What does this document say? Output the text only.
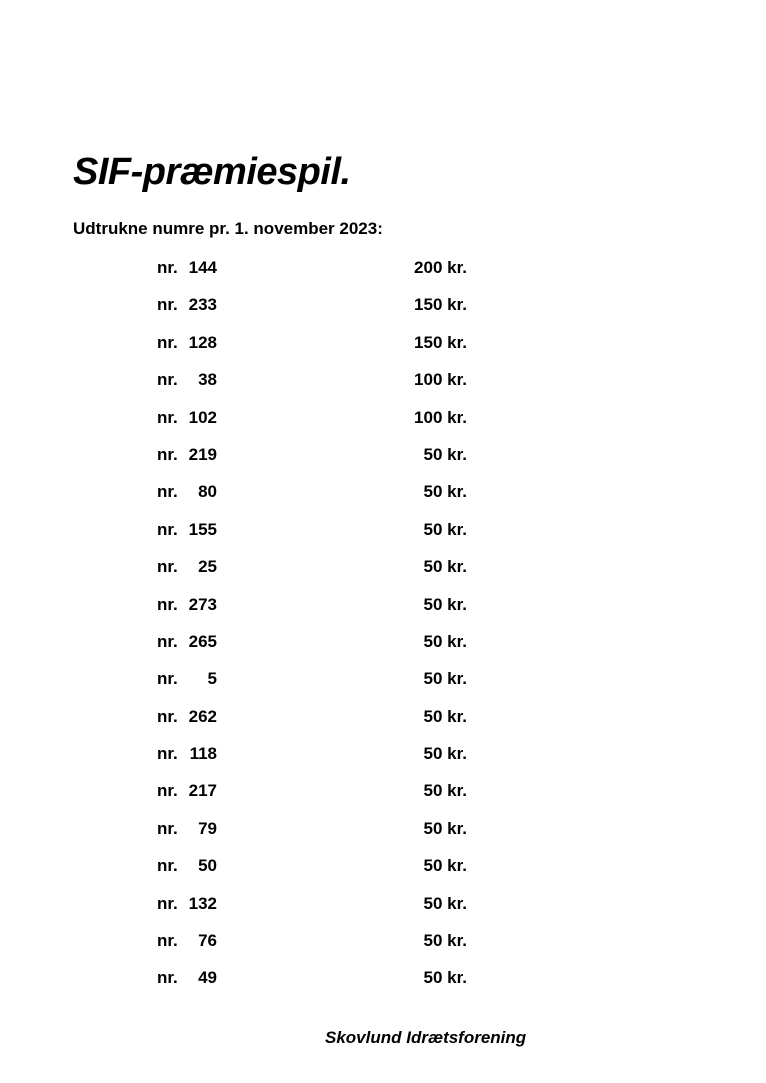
SIF-præmiespil.

Udtrukne numre pr. 1. november 2023:

nr. 144	200 kr.
nr. 233	150 kr.
nr. 128	150 kr.
nr. 38	100 kr.
nr. 102	100 kr.
nr. 219	50 kr.
nr. 80	50 kr.
nr. 155	50 kr.
nr. 25	50 kr.
nr. 273	50 kr.
nr. 265	50 kr.
nr. 5	50 kr.
nr. 262	50 kr.
nr. 118	50 kr.
nr. 217	50 kr.
nr. 79	50 kr.
nr. 50	50 kr.
nr. 132	50 kr.
nr. 76	50 kr.
nr. 49	50 kr.

Skovlund Idrætsforening
